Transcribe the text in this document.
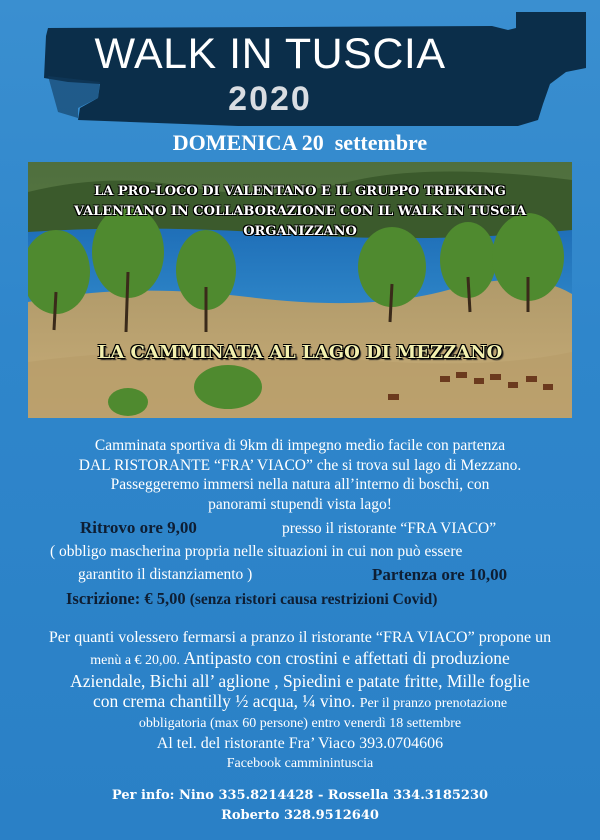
WALK IN TUSCIA
2020
DOMENICA 20 settembre
LA PRO-LOCO DI VALENTANO E IL GRUPPO TREKKING
VALENTANO IN COLLABORAZIONE CON IL WALK IN TUSCIA
ORGANIZZANO
LA CAMMINATA AL LAGO DI MEZZANO
Camminata sportiva di 9km di impegno medio facile con partenza
DAL RISTORANTE “FRA’ VIACO” che si trova sul lago di Mezzano.
Passeggeremo immersi nella natura all’interno di boschi, con
panorami stupendi vista lago!
Ritrovo ore 9,00	presso il ristorante “FRA VIACO”
( obbligo mascherina propria nelle situazioni in cui non può essere
garantito il distanziamento )	Partenza ore 10,00
Iscrizione: € 5,00 (senza ristori causa restrizioni Covid)
Per quanti volessero fermarsi a pranzo il ristorante “FRA VIACO” propone un
menù a € 20,00. Antipasto con crostini e affettati di produzione
Aziendale, Bichi all’ aglione , Spiedini e patate fritte, Mille foglie
con crema chantilly ½ acqua, ¼ vino. Per il pranzo prenotazione
obbligatoria (max 60 persone) entro venerdì 18 settembre
Al tel. del ristorante Fra’ Viaco 393.0704606
Facebook camminintuscia
Per info: Nino 335.8214428 - Rossella 334.3185230
Roberto 328.9512640
